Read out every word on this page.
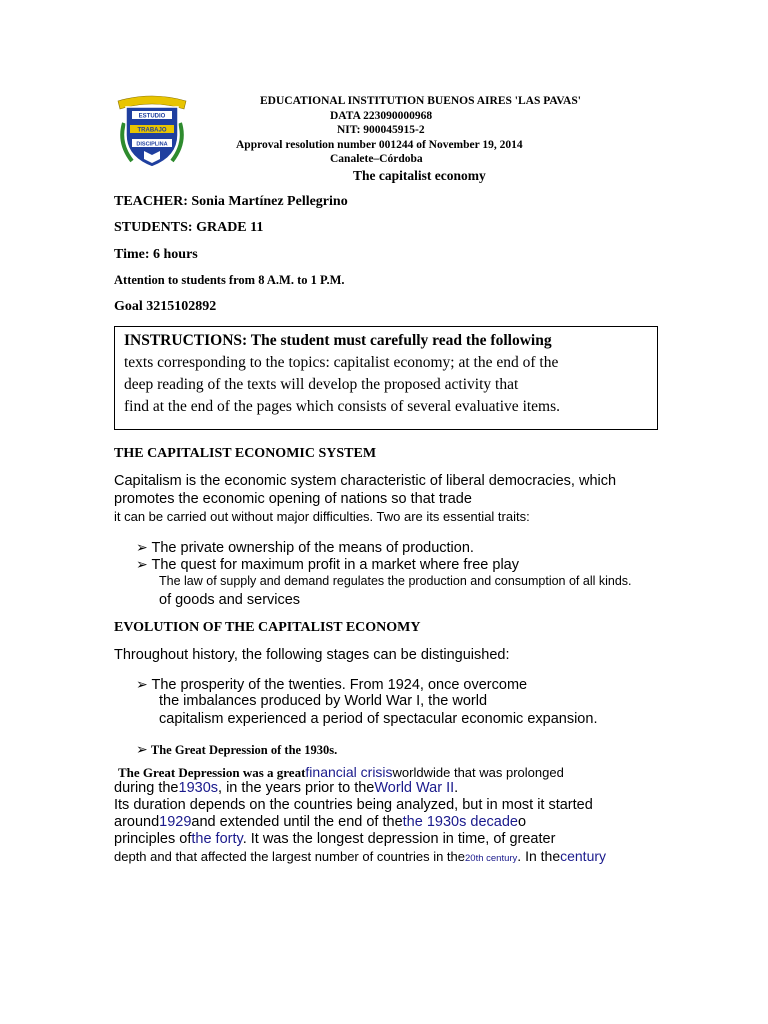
ESTUDIO
TRABAJO
DISCIPLINA
EDUCATIONAL INSTITUTION BUENOS AIRES 'LAS PAVAS'
DATA 223090000968
NIT: 900045915-2
Approval resolution number 001244 of November 19, 2014
Canalete–Córdoba
The capitalist economy
TEACHER: Sonia Martínez Pellegrino
STUDENTS: GRADE 11
Time: 6 hours
Attention to students from 8 A.M. to 1 P.M.
Goal 3215102892
INSTRUCTIONS: The student must carefully read the following
texts corresponding to the topics: capitalist economy; at the end of the
deep reading of the texts will develop the proposed activity that
find at the end of the pages which consists of several evaluative items.
THE CAPITALIST ECONOMIC SYSTEM
Capitalism is the economic system characteristic of liberal democracies, which
promotes the economic opening of nations so that trade
it can be carried out without major difficulties. Two are its essential traits:
➢ The private ownership of the means of production.
➢ The quest for maximum profit in a market where free play
The law of supply and demand regulates the production and consumption of all kinds.
of goods and services
EVOLUTION OF THE CAPITALIST ECONOMY
Throughout history, the following stages can be distinguished:
➢ The prosperity of the twenties. From 1924, once overcome
the imbalances produced by World War I, the world
capitalism experienced a period of spectacular economic expansion.
➢ The Great Depression of the 1930s.
The Great Depression was a greatfinancial crisisworldwide that was prolonged
during the1930s, in the years prior to theWorld War II.
Its duration depends on the countries being analyzed, but in most it started
around1929and extended until the end of thethe 1930s decadeo
principles ofthe forty. It was the longest depression in time, of greater
depth and that affected the largest number of countries in the20th century. In thecentury
